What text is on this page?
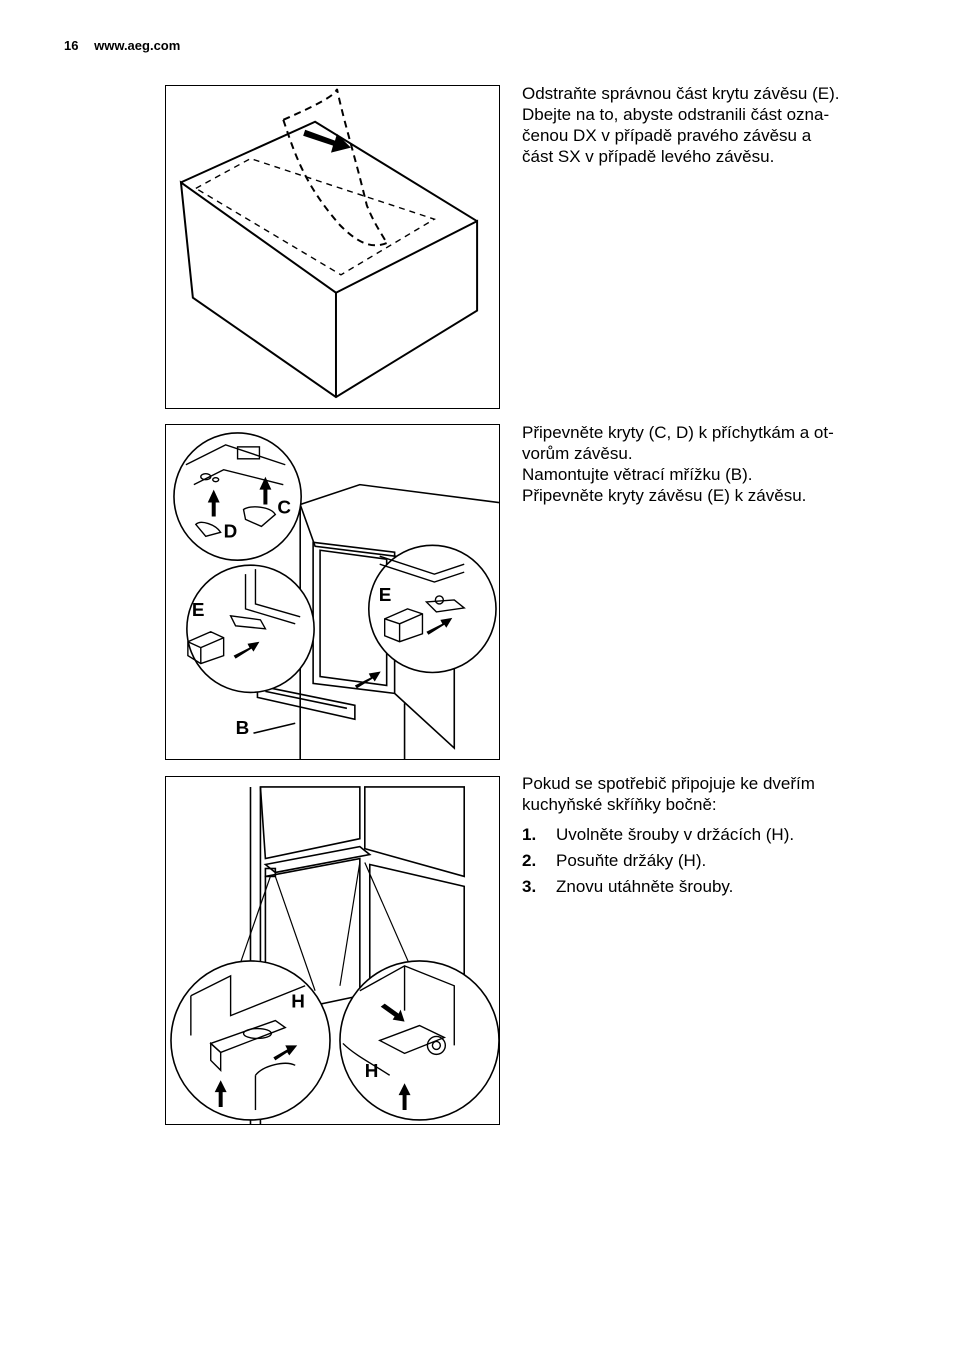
16 www.aeg.com

Odstraňte správnou část krytu závěsu (E).

Dbejte na to, abyste odstranili část ozna-

čenou DX v případě pravého závěsu a

část SX v případě levého závěsu.

C
D
E
E
B

Připevněte kryty (C, D) k příchytkám a ot-

vorům závěsu.

Namontujte větrací mřížku (B).

Připevněte kryty závěsu (E) k závěsu.

H
H

Pokud se spotřebič připojuje ke dveřím

kuchyňské skříňky bočně:

1.	Uvolněte šrouby v držácích (H).
2.	Posuňte držáky (H).
3.	Znovu utáhněte šrouby.
